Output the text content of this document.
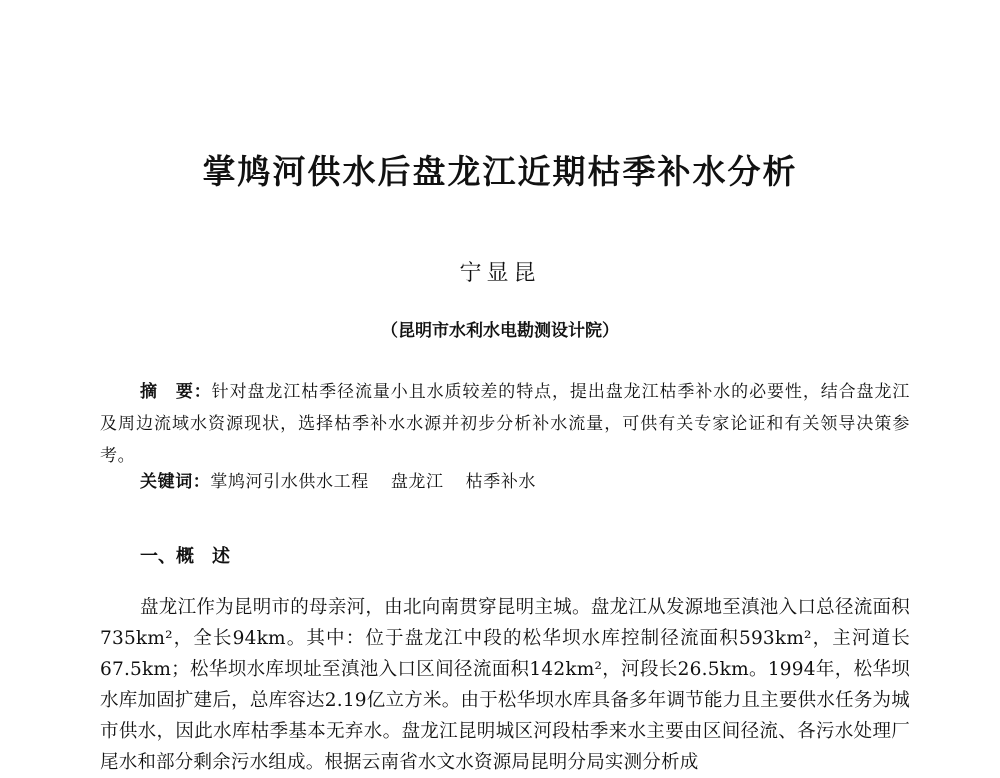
掌鸠河供水后盘龙江近期枯季补水分析
宁显昆
（昆明市水利水电勘测设计院）

摘　要：针对盘龙江枯季径流量小且水质较差的特点，提出盘龙江枯季补水的必要性，结合盘龙江及周边流域水资源现状，选择枯季补水水源并初步分析补水流量，可供有关专家论证和有关领导决策参考。

关键词：掌鸠河引水供水工程 盘龙江 枯季补水

一、概　述

盘龙江作为昆明市的母亲河，由北向南贯穿昆明主城。盘龙江从发源地至滇池入口总径流面积735km²，全长94km。其中：位于盘龙江中段的松华坝水库控制径流面积593km²，主河道长67.5km；松华坝水库坝址至滇池入口区间径流面积142km²，河段长26.5km。1994年，松华坝水库加固扩建后，总库容达2.19亿立方米。由于松华坝水库具备多年调节能力且主要供水任务为城市供水，因此水库枯季基本无弃水。盘龙江昆明城区河段枯季来水主要由区间径流、各污水处理厂尾水和部分剩余污水组成。根据云南省水文水资源局昆明分局实测分析成
